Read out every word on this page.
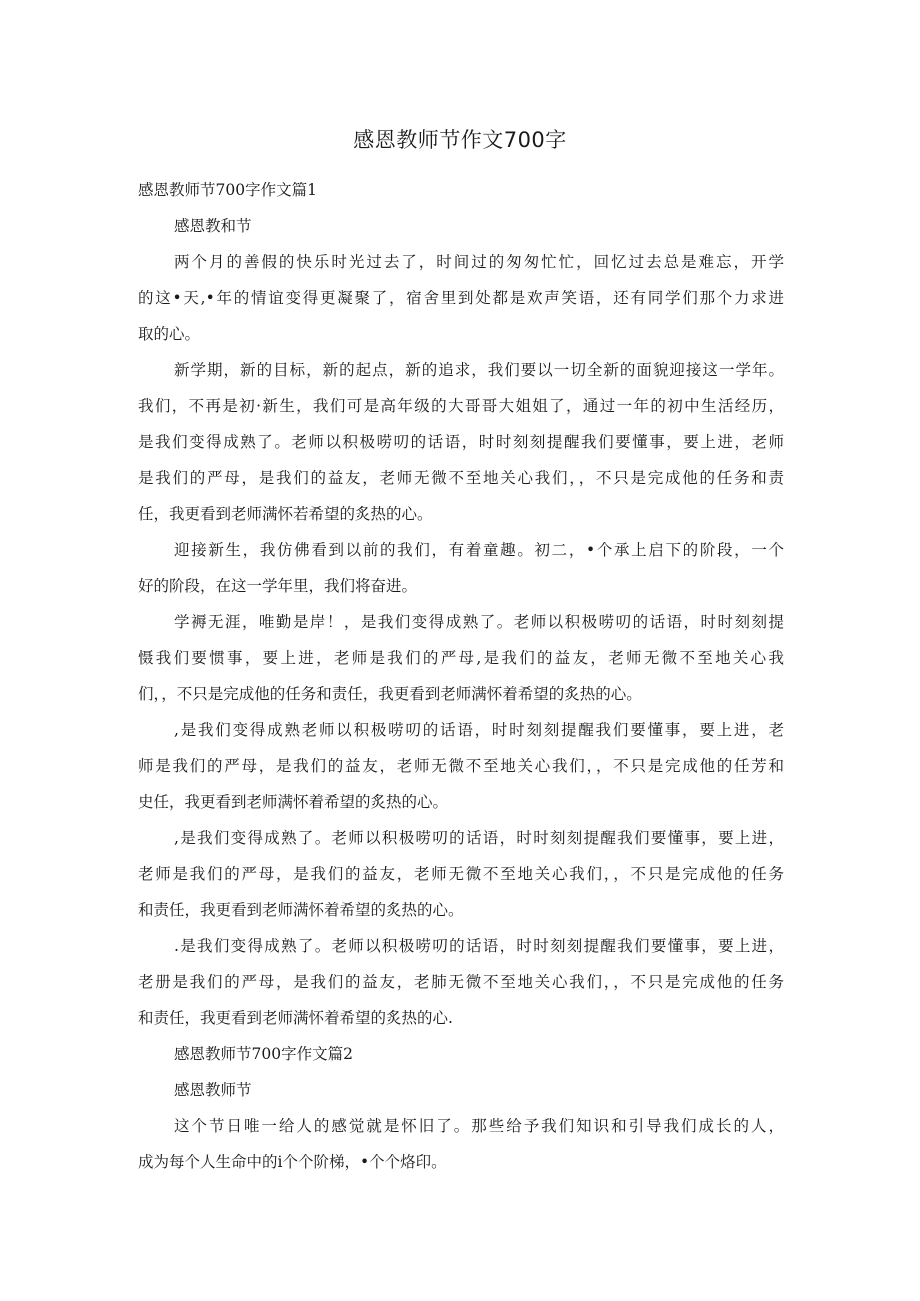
感恩教师节作文700字
感恩教师节700字作文篇1
感恩教和节
两个月的善假的快乐时光过去了，时间过的匆匆忙忙，回忆过去总是难忘，开学
的这•天,•年的情谊变得更凝聚了，宿舍里到处都是欢声笑语，还有同学们那个力求进
取的心。
新学期，新的目标，新的起点，新的追求，我们要以一切全新的面貌迎接这一学年。
我们，不再是初·新生，我们可是高年级的大哥哥大姐姐了，通过一年的初中生活经历，
是我们变得成熟了。老师以积极唠叨的话语，时时刻刻提醒我们要懂事，要上进，老师
是我们的严母，是我们的益友，老师无微不至地关心我们，，不只是完成他的任务和责
任，我更看到老师满怀若希望的炙热的心。
迎接新生，我仿佛看到以前的我们，有着童趣。初二，•个承上启下的阶段，一个
好的阶段，在这一学年里，我们将奋进。
学褥无涯，唯勤是岸！，是我们变得成熟了。老师以积极唠叨的话语，时时刻刻提
慑我们要惯事，要上进，老师是我们的严母,是我们的益友，老师无微不至地关心我
们，，不只是完成他的任务和责任，我更看到老师满怀着希望的炙热的心。
,是我们变得成熟老师以积极唠叨的话语，时时刻刻提醒我们要懂事，要上进，老
师是我们的严母，是我们的益友，老师无微不至地关心我们，，不只是完成他的任芳和
史任，我更看到老师满怀着希望的炙热的心。
,是我们变得成熟了。老师以积极唠叨的话语，时时刻刻提醒我们要懂事，要上进，
老师是我们的严母，是我们的益友，老师无微不至地关心我们，，不只是完成他的任务
和责任，我更看到老师满怀着希望的炙热的心。
.是我们变得成熟了。老师以积极唠叨的话语，时时刻刻提醒我们要懂事，要上进，
老册是我们的严母，是我们的益友，老肺无微不至地关心我们，，不只是完成他的任务
和责任，我更看到老师满怀着希望的炙热的心.
感恩教师节700字作文篇2
感恩教师节
这个节日唯一给人的感觉就是怀旧了。那些给予我们知识和引导我们成长的人，
成为每个人生命中的i个个阶梯，•个个烙印。
